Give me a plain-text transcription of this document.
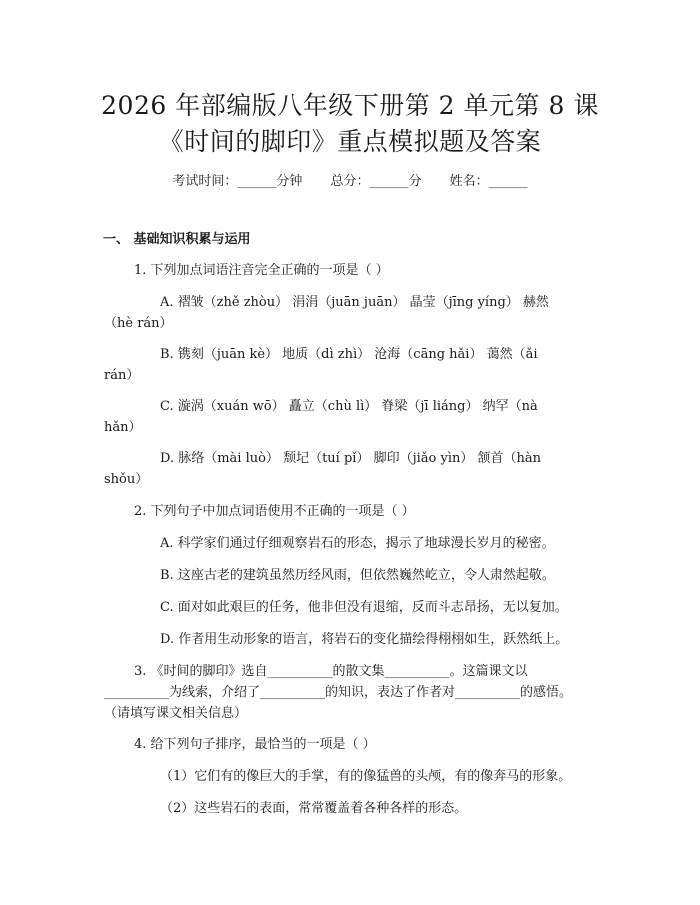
2026 年部编版八年级下册第 2 单元第 8 课
《时间的脚印》重点模拟题及答案
考试时间：______分钟 总分：______分 姓名：______
一、 基础知识积累与运用
1. 下列加点词语注音完全正确的一项是（ ）
A. 褶皱（zhě zhòu） 涓涓（juān juān） 晶莹（jīng yíng） 赫然
（hè rán）
B. 镌刻（juān kè） 地质（dì zhì） 沧海（cāng hǎi） 蔼然（ǎi
rán）
C. 漩涡（xuán wō） 矗立（chù lì） 脊梁（jī liáng） 纳罕（nà
hǎn）
D. 脉络（mài luò） 颓圮（tuí pǐ） 脚印（jiǎo yìn） 颔首（hàn
shǒu）
2. 下列句子中加点词语使用不正确的一项是（ ）
A. 科学家们通过仔细观察岩石的形态，揭示了地球漫长岁月的秘密。
B. 这座古老的建筑虽然历经风雨，但依然巍然屹立，令人肃然起敬。
C. 面对如此艰巨的任务，他非但没有退缩，反而斗志昂扬，无以复加。
D. 作者用生动形象的语言，将岩石的变化描绘得栩栩如生，跃然纸上。
3. 《时间的脚印》选自__________的散文集__________。这篇课文以
__________为线索，介绍了__________的知识，表达了作者对__________的感悟。
（请填写课文相关信息）
4. 给下列句子排序，最恰当的一项是（ ）
（1）它们有的像巨大的手掌，有的像猛兽的头颅，有的像奔马的形象。
（2）这些岩石的表面，常常覆盖着各种各样的形态。
